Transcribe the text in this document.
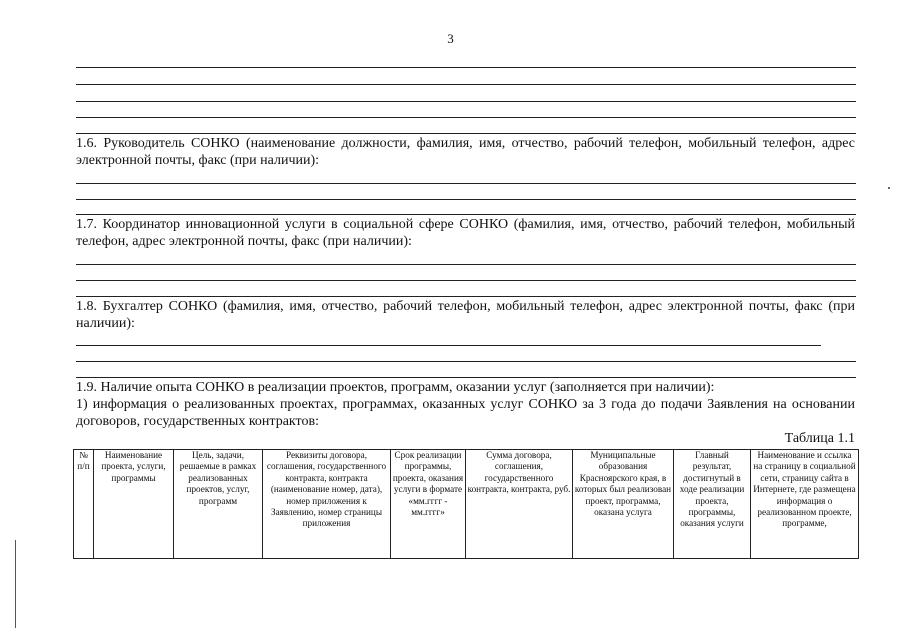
3
1.6. Руководитель СОНКО (наименование должности, фамилия, имя, отчество, рабочий телефон, мобильный телефон, адрес электронной почты, факс (при наличии):
1.7. Координатор инновационной услуги в социальной сфере СОНКО (фамилия, имя, отчество, рабочий телефон, мобильный телефон, адрес электронной почты, факс (при наличии):
1.8. Бухгалтер СОНКО (фамилия, имя, отчество, рабочий телефон, мобильный телефон, адрес электронной почты, факс (при наличии):
1.9. Наличие опыта СОНКО в реализации проектов, программ, оказании услуг (заполняется при наличии):
1) информация о реализованных проектах, программах, оказанных услуг СОНКО за 3 года до подачи Заявления на основании договоров, государственных контрактов:
Таблица 1.1
№ п/п	Наименование проекта, услуги, программы	Цель, задачи, решаемые в рамках реализованных проектов, услуг, программ	Реквизиты договора, соглашения, государственного контракта, контракта (наименование номер, дата), номер приложения к Заявлению, номер страницы приложения	Срок реализации программы, проекта, оказания услуги в формате «мм.гггг - мм.гггг»	Сумма договора, соглашения, государственного контракта, контракта, руб.	Муниципальные образования Красноярского края, в которых был реализован проект, программа, оказана услуга	Главный результат, достигнутый в ходе реализации проекта, программы, оказания услуги	Наименование и ссылка на страницу в социальной сети, страницу сайта в Интернете, где размещена информация о реализованном проекте, программе,
